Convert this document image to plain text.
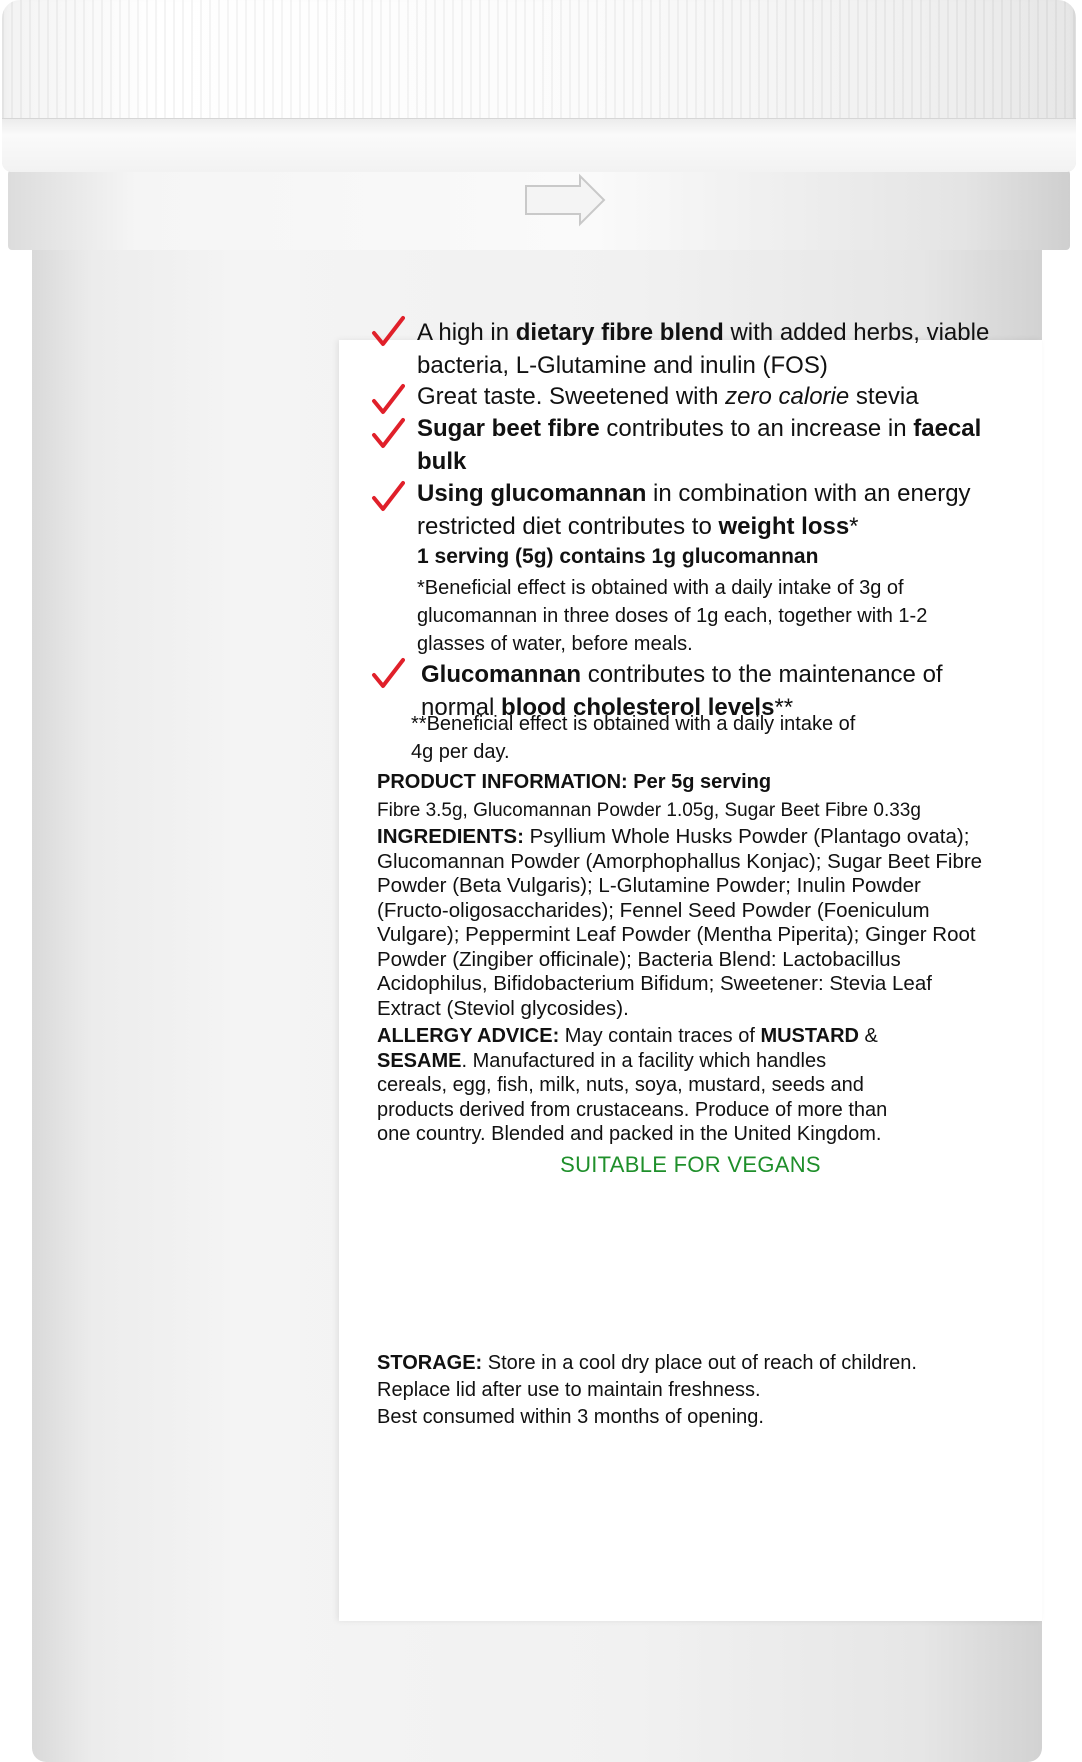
A high in dietary fibre blend with added herbs, viable bacteria, L-Glutamine and inulin (FOS)
Great taste. Sweetened with zero calorie stevia
Sugar beet fibre contributes to an increase in faecal bulk
Using glucomannan in combination with an energy restricted diet contributes to weight loss*
1 serving (5g) contains 1g glucomannan
*Beneficial effect is obtained with a daily intake of 3g of glucomannan in three doses of 1g each, together with 1-2 glasses of water, before meals.
Glucomannan contributes to the maintenance of normal blood cholesterol levels**
**Beneficial effect is obtained with a daily intake of 4g per day.
PRODUCT INFORMATION: Per 5g serving
Fibre 3.5g, Glucomannan Powder 1.05g, Sugar Beet Fibre 0.33g
INGREDIENTS: Psyllium Whole Husks Powder (Plantago ovata); Glucomannan Powder (Amorphophallus Konjac); Sugar Beet Fibre Powder (Beta Vulgaris); L-Glutamine Powder; Inulin Powder (Fructo-oligosaccharides); Fennel Seed Powder (Foeniculum Vulgare); Peppermint Leaf Powder (Mentha Piperita); Ginger Root Powder (Zingiber officinale); Bacteria Blend: Lactobacillus Acidophilus, Bifidobacterium Bifidum; Sweetener: Stevia Leaf Extract (Steviol glycosides).
ALLERGY ADVICE: May contain traces of MUSTARD & SESAME. Manufactured in a facility which handles cereals, egg, fish, milk, nuts, soya, mustard, seeds and products derived from crustaceans. Produce of more than one country. Blended and packed in the United Kingdom.
SUITABLE FOR VEGANS
STORAGE: Store in a cool dry place out of reach of children.
Replace lid after use to maintain freshness.
Best consumed within 3 months of opening.
